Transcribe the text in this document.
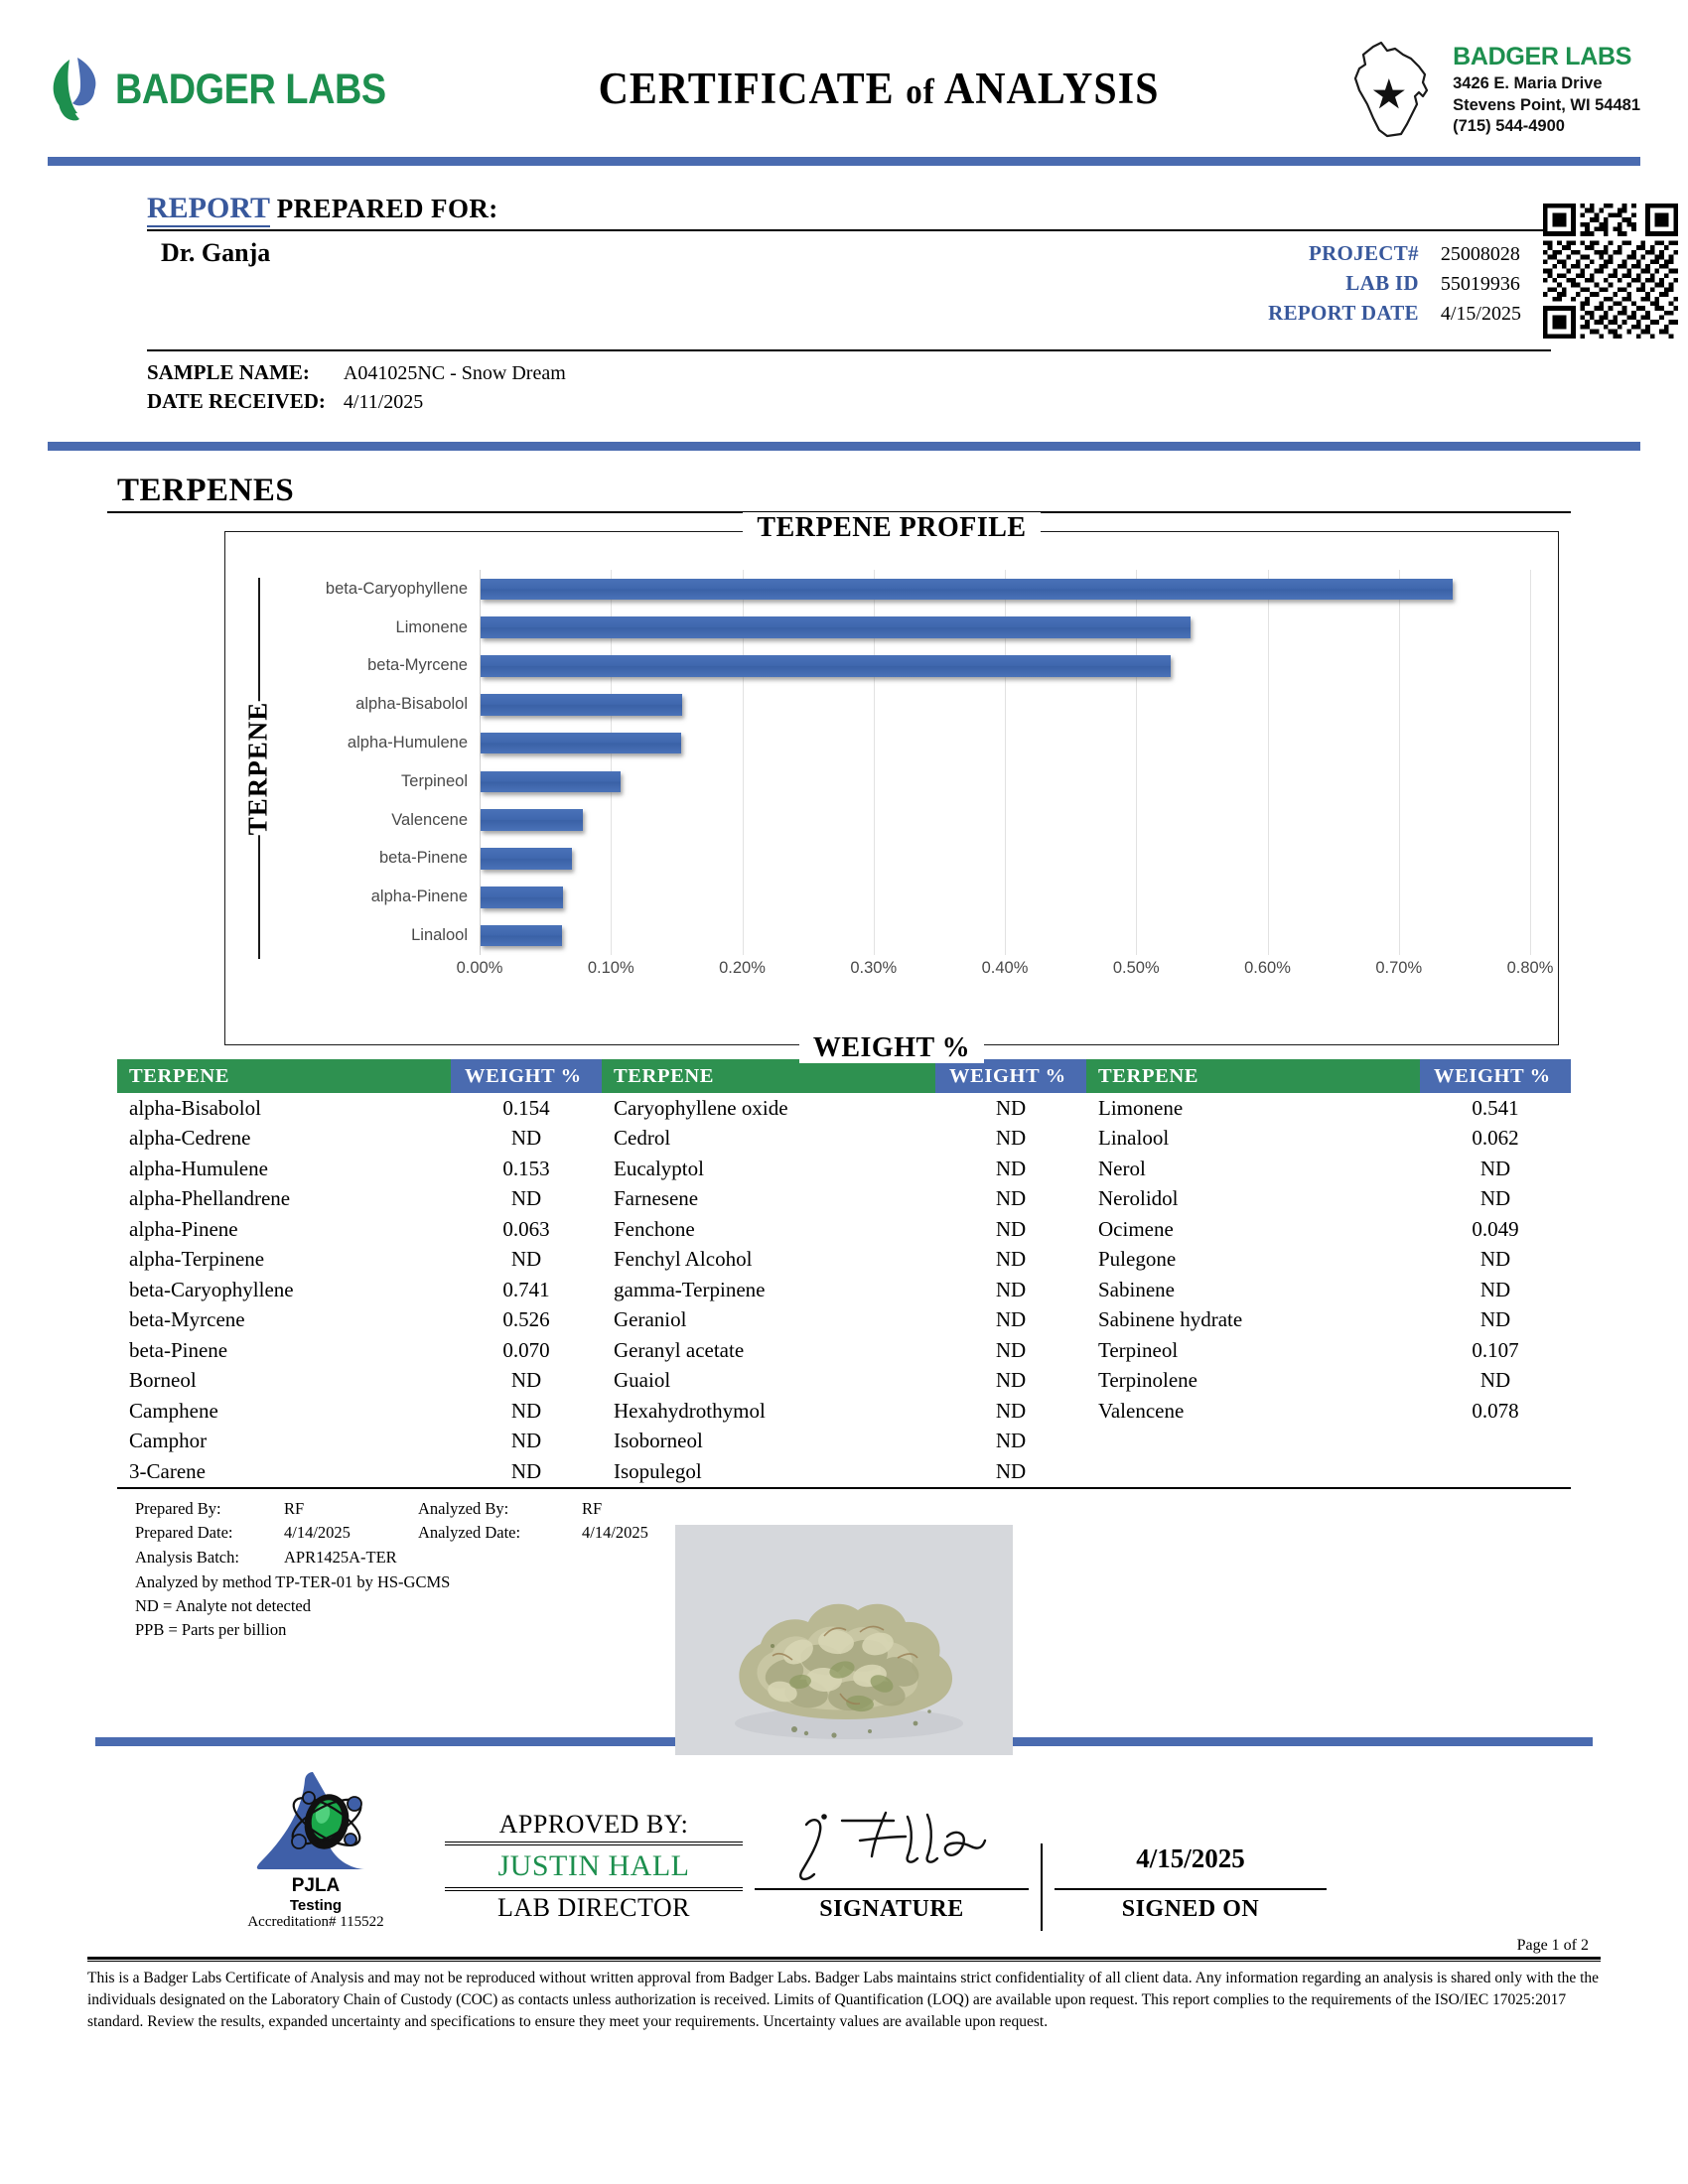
BADGER LABS	CERTIFICATE of ANALYSIS
BADGER LABS
3426 E. Maria Drive
Stevens Point, WI 54481
(715) 544-4900
REPORT PREPARED FOR:
Dr. Ganja	PROJECT#	25008028
LAB ID	55019936
REPORT DATE	4/15/2025
SAMPLE NAME:	A041025NC - Snow Dream
DATE RECEIVED:	4/11/2025
TERPENES
TERPENE PROFILE
TERPENE
beta-Caryophyllene
Limonene
beta-Myrcene
alpha-Bisabolol
alpha-Humulene
Terpineol
Valencene
beta-Pinene
alpha-Pinene
Linalool
0.00%	0.10%	0.20%	0.30%	0.40%	0.50%	0.60%	0.70%	0.80%
WEIGHT %
TERPENE	WEIGHT %
alpha-Bisabolol	0.154
alpha-Cedrene	ND
alpha-Humulene	0.153
alpha-Phellandrene	ND
alpha-Pinene	0.063
alpha-Terpinene	ND
beta-Caryophyllene	0.741
beta-Myrcene	0.526
beta-Pinene	0.070
Borneol	ND
Camphene	ND
Camphor	ND
3-Carene	ND
TERPENE	WEIGHT %
Caryophyllene oxide	ND
Cedrol	ND
Eucalyptol	ND
Farnesene	ND
Fenchone	ND
Fenchyl Alcohol	ND
gamma-Terpinene	ND
Geraniol	ND
Geranyl acetate	ND
Guaiol	ND
Hexahydrothymol	ND
Isoborneol	ND
Isopulegol	ND
TERPENE	WEIGHT %
Limonene	0.541
Linalool	0.062
Nerol	ND
Nerolidol	ND
Ocimene	0.049
Pulegone	ND
Sabinene	ND
Sabinene hydrate	ND
Terpineol	0.107
Terpinolene	ND
Valencene	0.078
Prepared By:	RF	Analyzed By:	RF
Prepared Date:	4/14/2025	Analyzed Date:	4/14/2025
Analysis Batch:	APR1425A-TER
Analyzed by method TP-TER-01 by HS-GCMS
ND = Analyte not detected
PPB = Parts per billion
PJLA
Testing
Accreditation# 115522
APPROVED BY:
JUSTIN HALL
LAB DIRECTOR	SIGNATURE
4/15/2025
SIGNED ON
Page 1 of 2
This is a Badger Labs Certificate of Analysis and may not be reproduced without written approval from Badger Labs. Badger Labs maintains strict confidentiality of all client data. Any information regarding an analysis is shared only with the the individuals designated on the Laboratory Chain of Custody (COC) as contacts unless authorization is received. Limits of Quantification (LOQ) are available upon request. This report complies to the requirements of the ISO/IEC 17025:2017 standard. Review the results, expanded uncertainty and specifications to ensure they meet your requirements. Uncertainty values are available upon request.
